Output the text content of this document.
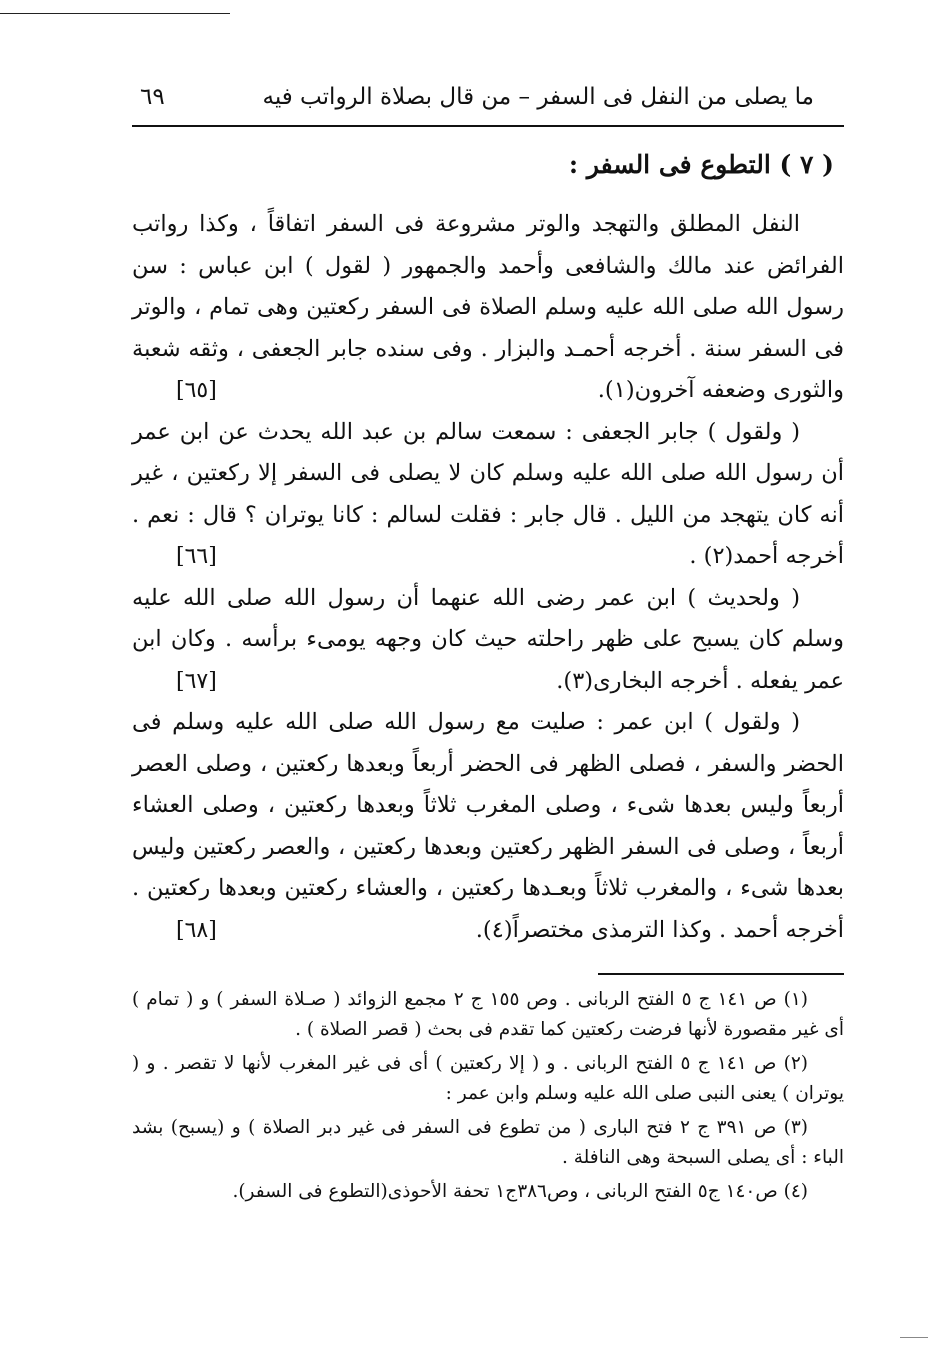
ما يصلى من النفل فى السفر – من قال بصلاة الرواتب فيه
٦٩
( ٧ ) التطوع فى السفر :

النفل المطلق والتهجد والوتر مشروعة فى السفر اتفاقاً ، وكذا رواتب الفرائض عند مالك والشافعى وأحمد والجمهور ( لقول ) ابن عباس : سن رسول الله صلى الله عليه وسلم الصلاة فى السفر ركعتين وهى تمام ، والوتر فى السفر سنة . أخرجه أحمـد والبزار . وفى سنده جابر الجعفى ، وثقه شعبة والثورى وضعفه آخرون(١).
[٦٥]

( ولقول ) جابر الجعفى : سمعت سالم بن عبد الله يحدث عن ابن عمر أن رسول الله صلى الله عليه وسلم كان لا يصلى فى السفر إلا ركعتين ، غير أنه كان يتهجد من الليل . قال جابر : فقلت لسالم : كانا يوتران ؟ قال : نعم . أخرجه أحمد(٢) .
[٦٦]

( ولحديث ) ابن عمر رضى الله عنهما أن رسول الله صلى الله عليه وسلم كان يسبح على ظهر راحلته حيث كان وجهه يومىء برأسه . وكان ابن عمر يفعله . أخرجه البخارى(٣).
[٦٧]

( ولقول ) ابن عمر : صليت مع رسول الله صلى الله عليه وسلم فى الحضر والسفر ، فصلى الظهر فى الحضر أربعاً وبعدها ركعتين ، وصلى العصر أربعاً وليس بعدها شىء ، وصلى المغرب ثلاثاً وبعدها ركعتين ، وصلى العشاء أربعاً ، وصلى فى السفر الظهر ركعتين وبعدها ركعتين ، والعصر ركعتين وليس بعدها شىء ، والمغرب ثلاثاً وبعـدها ركعتين ، والعشاء ركعتين وبعدها ركعتين . أخرجه أحمد . وكذا الترمذى مختصراً(٤).
[٦٨]

(١) ص ١٤١ ج ٥ الفتح الربانى . وص ١٥٥ ج ٢ مجمع الزوائد ( صـلاة السفر ) و ( تمام ) أى غير مقصورة لأنها فرضت ركعتين كما تقدم فى بحث ( قصر الصلاة ) .

(٢) ص ١٤١ ج ٥ الفتح الربانى . و ( إلا ركعتين ) أى فى غير المغرب لأنها لا تقصر . و ( يوتران ) يعنى النبى صلى الله عليه وسلم وابن عمر :

(٣) ص ٣٩١ ج ٢ فتح البارى ( من تطوع فى السفر فى غير دبر الصلاة ) و (يسبح) بشد الباء : أى يصلى السبحة وهى النافلة .

(٤) ص١٤٠ ج٥ الفتح الربانى ، وص٣٨٦ج١ تحفة الأحوذى(التطوع فى السفر).
